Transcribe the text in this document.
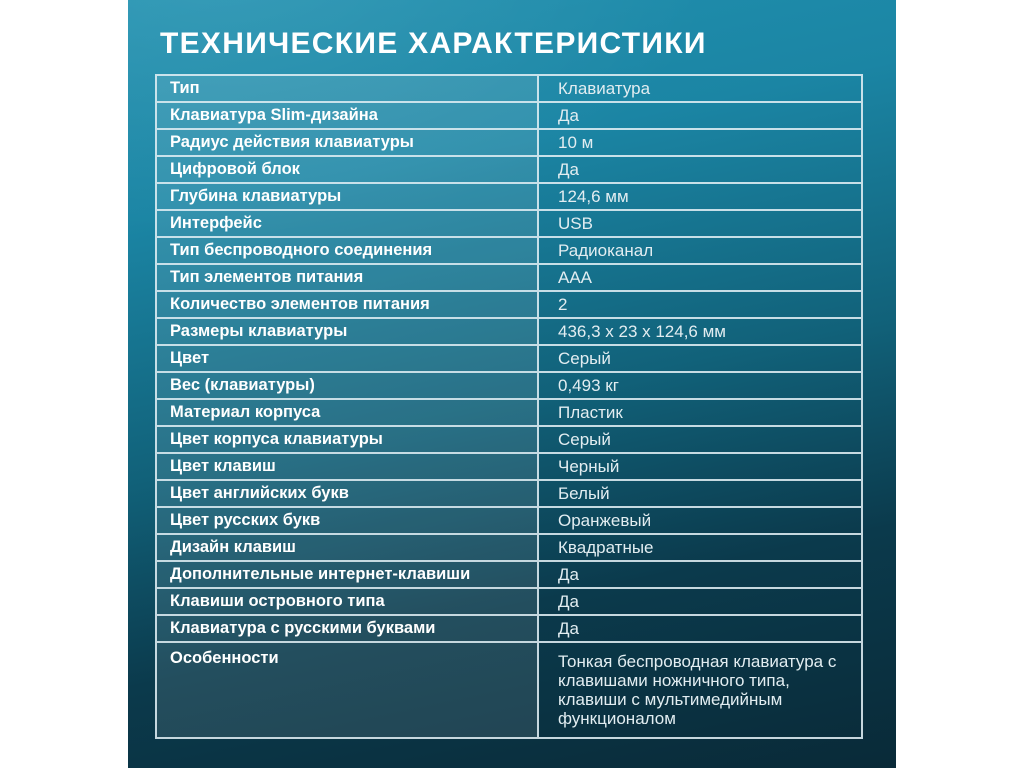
ТЕХНИЧЕСКИЕ ХАРАКТЕРИСТИКИ
Тип	Клавиатура
Клавиатура Slim-дизайна	Да
Радиус действия клавиатуры	10 м
Цифровой блок	Да
Глубина клавиатуры	124,6 мм
Интерфейс	USB
Тип беспроводного соединения	Радиоканал
Тип элементов питания	AAA
Количество элементов питания	2
Размеры клавиатуры	436,3 x 23 x 124,6 мм
Цвет	Серый
Вес (клавиатуры)	0,493 кг
Материал корпуса	Пластик
Цвет корпуса клавиатуры	Серый
Цвет клавиш	Черный
Цвет английских букв	Белый
Цвет русских букв	Оранжевый
Дизайн клавиш	Квадратные
Дополнительные интернет-клавиши	Да
Клавиши островного типа	Да
Клавиатура с русскими буквами	Да
Особенности	Тонкая беспроводная клавиатура с клавишами ножничного типа, клавиши с мультимедийным функционалом
